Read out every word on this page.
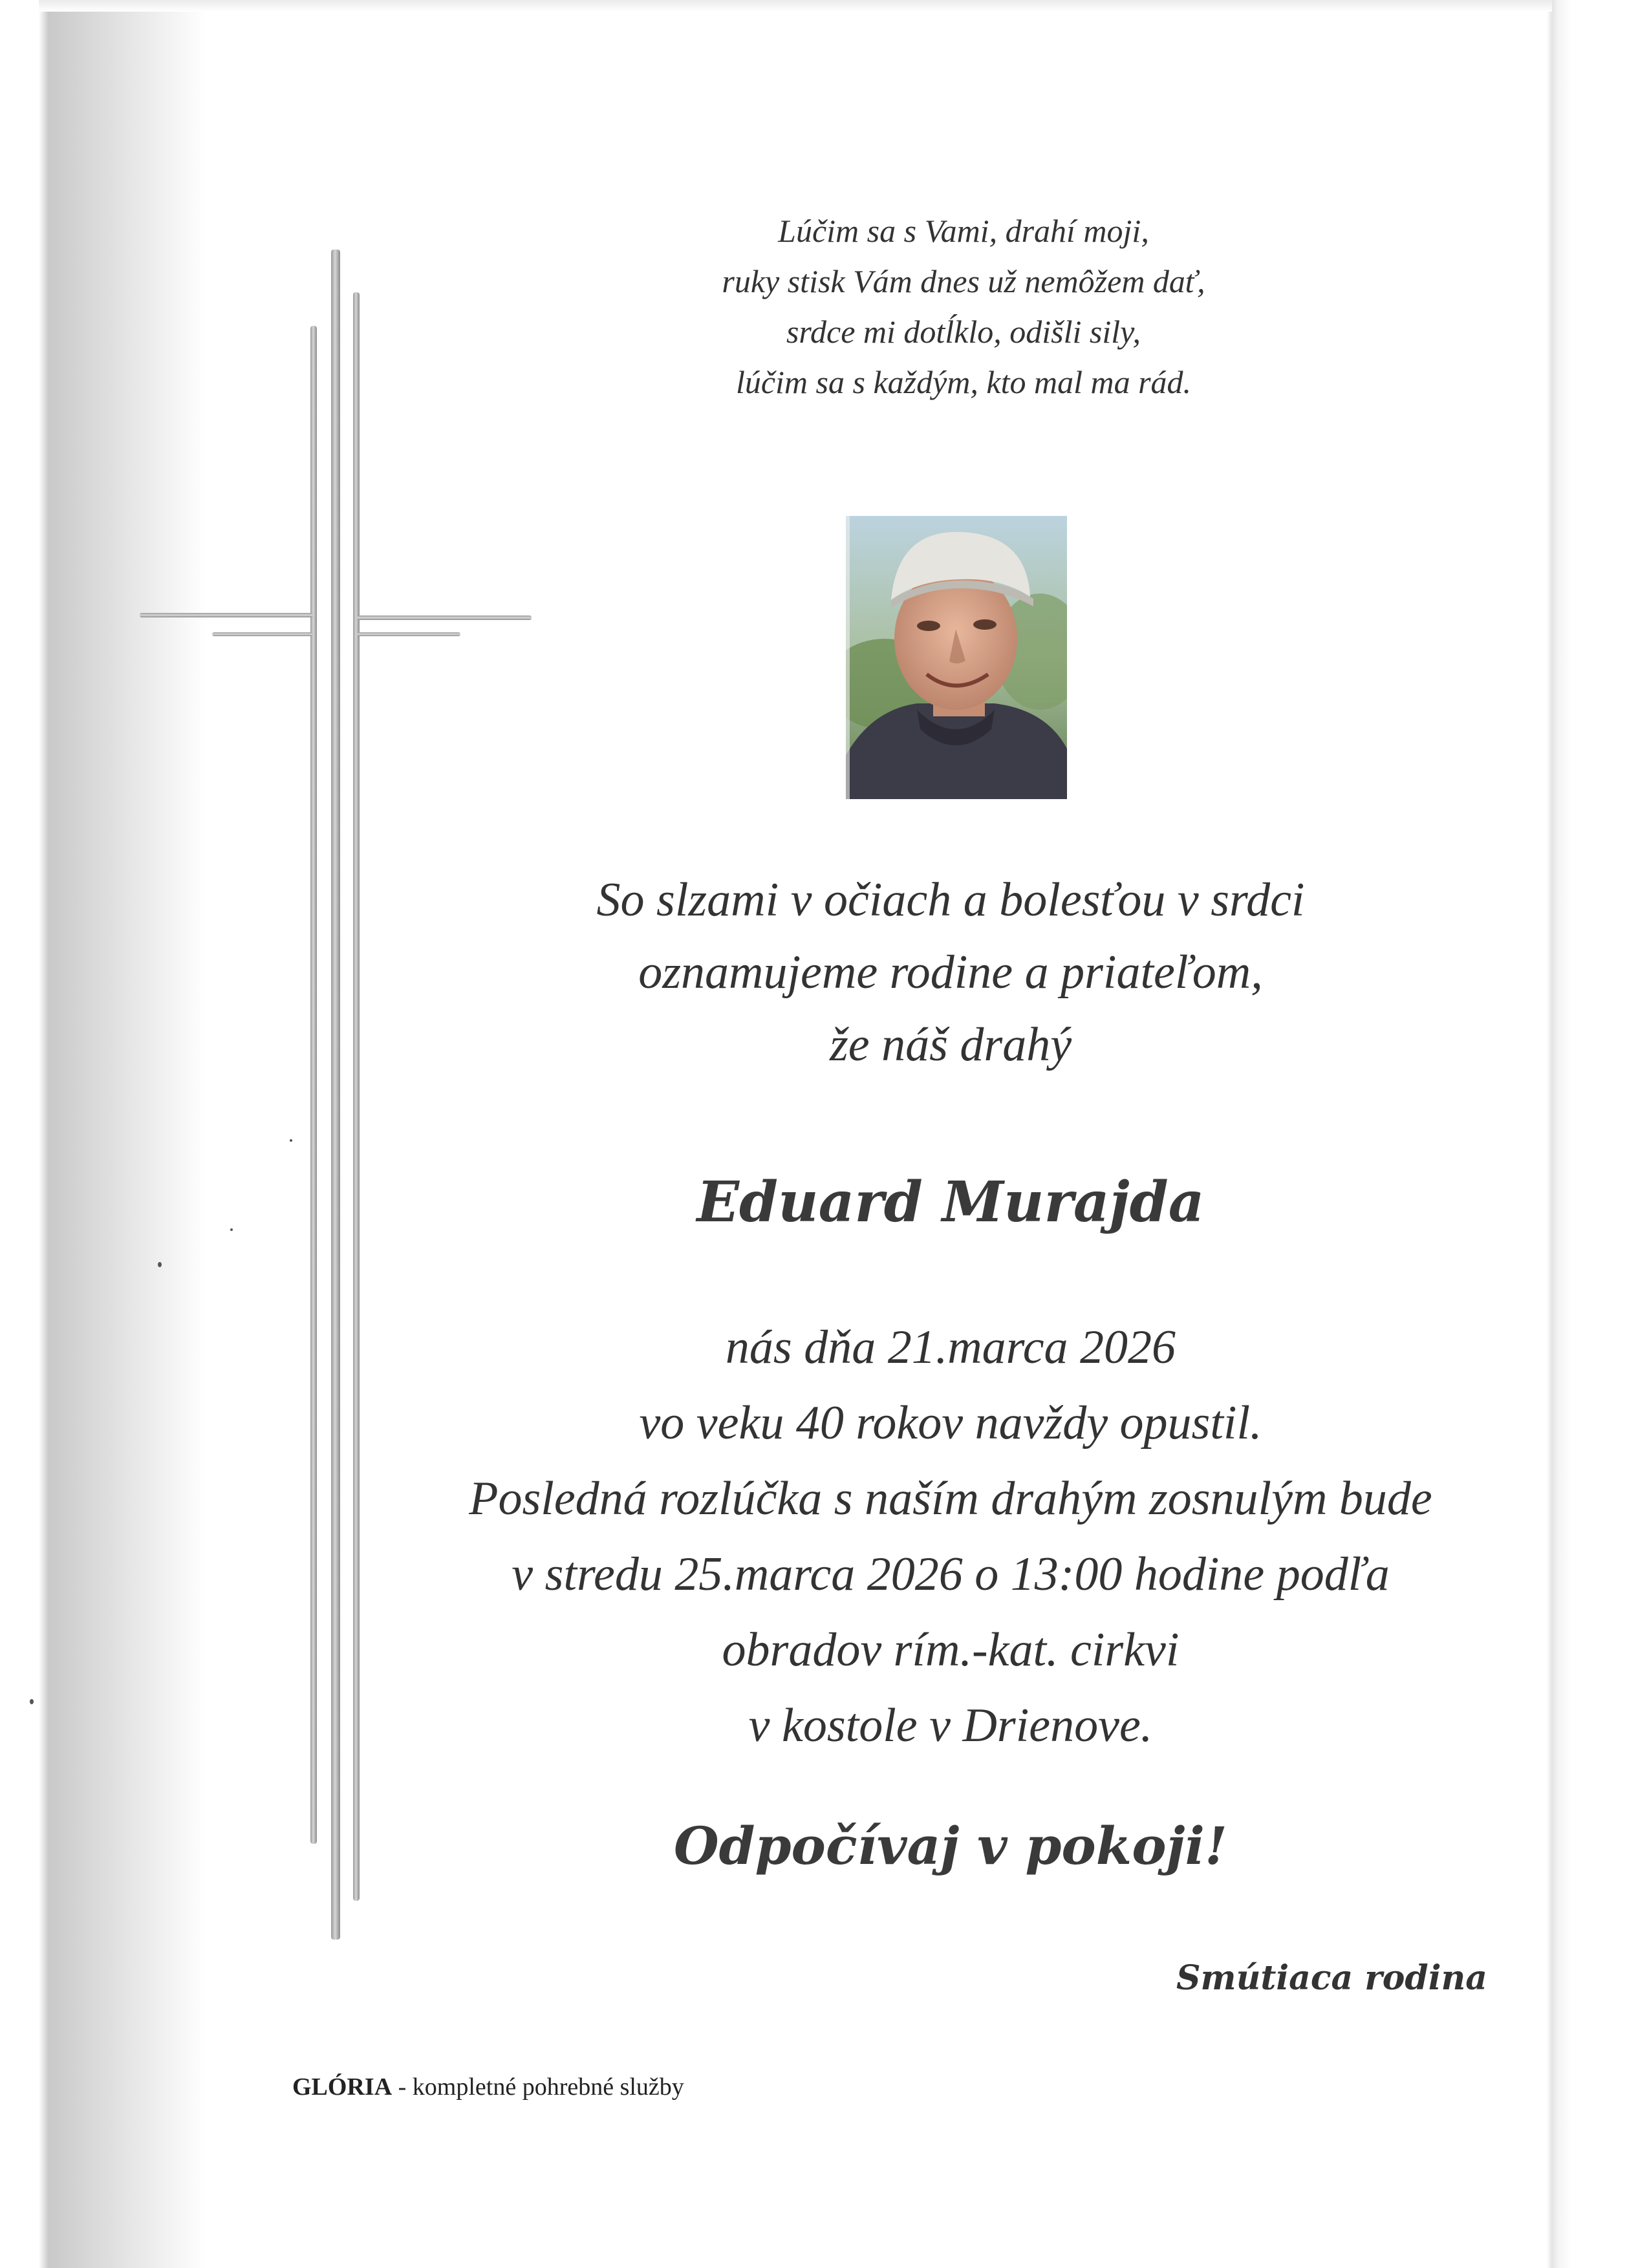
Lúčim sa s Vami, drahí moji,
ruky stisk Vám dnes už nemôžem dať,
srdce mi dotĺklo, odišli sily,
lúčim sa s každým, kto mal ma rád.
So slzami v očiach a bolesťou v srdci
oznamujeme rodine a priateľom,
že náš drahý
Eduard Murajda
nás dňa 21.marca 2026
vo veku 40 rokov navždy opustil.
Posledná rozlúčka s naším drahým zosnulým bude
v stredu 25.marca 2026 o 13:00 hodine podľa
obradov rím.-kat. cirkvi
v kostole v Drienove.
Odpočívaj v pokoji!
Smútiaca rodina
GLÓRIA - kompletné pohrebné služby
